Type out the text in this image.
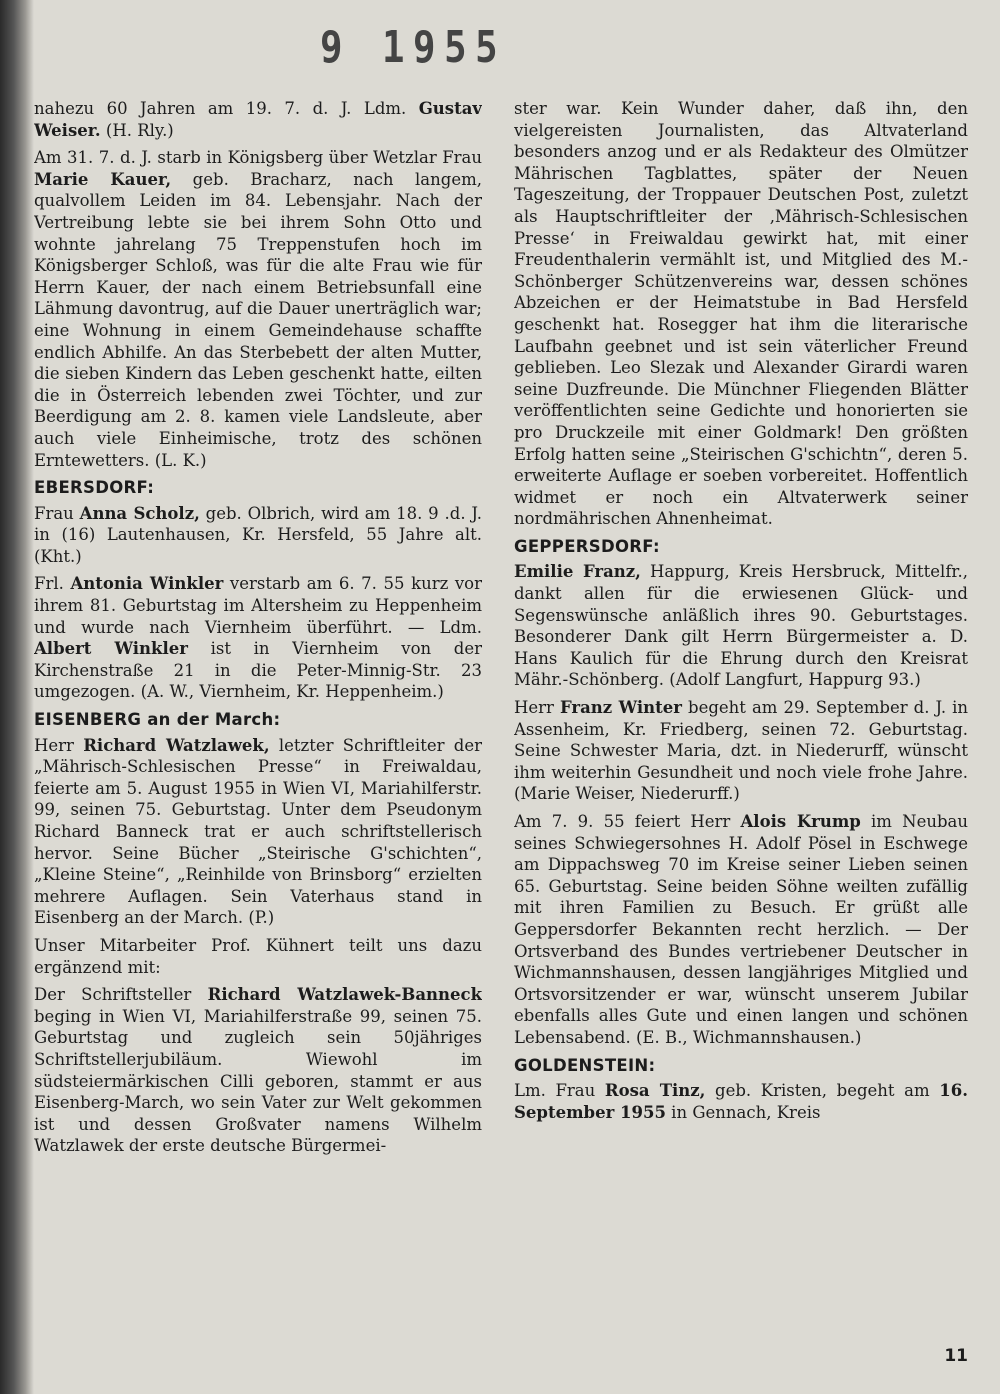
9 1955

nahezu 60 Jahren am 19. 7. d. J. Ldm. Gustav Weiser. (H. Rly.)

Am 31. 7. d. J. starb in Königsberg über Wetzlar Frau Marie Kauer, geb. Bracharz, nach langem, qualvollem Leiden im 84. Lebensjahr. Nach der Vertreibung lebte sie bei ihrem Sohn Otto und wohnte jahrelang 75 Treppenstufen hoch im Königsberger Schloß, was für die alte Frau wie für Herrn Kauer, der nach einem Betriebsunfall eine Lähmung davontrug, auf die Dauer unerträglich war; eine Wohnung in einem Gemeindehause schaffte endlich Abhilfe. An das Sterbebett der alten Mutter, die sieben Kindern das Leben geschenkt hatte, eilten die in Österreich lebenden zwei Töchter, und zur Beerdigung am 2. 8. kamen viele Landsleute, aber auch viele Einheimische, trotz des schönen Erntewetters. (L. K.)

EBERSDORF:

Frau Anna Scholz, geb. Olbrich, wird am 18. 9 .d. J. in (16) Lautenhausen, Kr. Hersfeld, 55 Jahre alt. (Kht.)

Frl. Antonia Winkler verstarb am 6. 7. 55 kurz vor ihrem 81. Geburtstag im Altersheim zu Heppenheim und wurde nach Viernheim überführt. — Ldm. Albert Winkler ist in Viernheim von der Kirchenstraße 21 in die Peter-Minnig-Str. 23 umgezogen. (A. W., Viernheim, Kr. Heppenheim.)

EISENBERG an der March:

Herr Richard Watzlawek, letzter Schriftleiter der „Mährisch-Schlesischen Presse“ in Freiwaldau, feierte am 5. August 1955 in Wien VI, Mariahilferstr. 99, seinen 75. Geburtstag. Unter dem Pseudonym Richard Banneck trat er auch schriftstellerisch hervor. Seine Bücher „Steirische G'schichten“, „Kleine Steine“, „Reinhilde von Brinsborg“ erzielten mehrere Auflagen. Sein Vaterhaus stand in Eisenberg an der March. (P.)

Unser Mitarbeiter Prof. Kühnert teilt uns dazu ergänzend mit:

Der Schriftsteller Richard Watzlawek-Banneck beging in Wien VI, Mariahilferstraße 99, seinen 75. Geburtstag und zugleich sein 50jähriges Schriftstellerjubiläum. Wiewohl im südsteiermärkischen Cilli geboren, stammt er aus Eisenberg-March, wo sein Vater zur Welt gekommen ist und dessen Großvater namens Wilhelm Watzlawek der erste deutsche Bürgermei-

ster war. Kein Wunder daher, daß ihn, den vielgereisten Journalisten, das Altvaterland besonders anzog und er als Redakteur des Olmützer Mährischen Tagblattes, später der Neuen Tageszeitung, der Troppauer Deutschen Post, zuletzt als Hauptschriftleiter der ‚Mährisch-Schlesischen Presse‘ in Freiwaldau gewirkt hat, mit einer Freudenthalerin vermählt ist, und Mitglied des M.-Schönberger Schützenvereins war, dessen schönes Abzeichen er der Heimatstube in Bad Hersfeld geschenkt hat. Rosegger hat ihm die literarische Laufbahn geebnet und ist sein väterlicher Freund geblieben. Leo Slezak und Alexander Girardi waren seine Duzfreunde. Die Münchner Fliegenden Blätter veröffentlichten seine Gedichte und honorierten sie pro Druckzeile mit einer Goldmark! Den größten Erfolg hatten seine „Steirischen G'schichtn“, deren 5. erweiterte Auflage er soeben vorbereitet. Hoffentlich widmet er noch ein Altvaterwerk seiner nordmährischen Ahnenheimat.

GEPPERSDORF:

Emilie Franz, Happurg, Kreis Hersbruck, Mittelfr., dankt allen für die erwiesenen Glück- und Segenswünsche anläßlich ihres 90. Geburtstages. Besonderer Dank gilt Herrn Bürgermeister a. D. Hans Kaulich für die Ehrung durch den Kreisrat Mähr.-Schönberg. (Adolf Langfurt, Happurg 93.)

Herr Franz Winter begeht am 29. September d. J. in Assenheim, Kr. Friedberg, seinen 72. Geburtstag. Seine Schwester Maria, dzt. in Niederurff, wünscht ihm weiterhin Gesundheit und noch viele frohe Jahre. (Marie Weiser, Niederurff.)

Am 7. 9. 55 feiert Herr Alois Krump im Neubau seines Schwiegersohnes H. Adolf Pösel in Eschwege am Dippachsweg 70 im Kreise seiner Lieben seinen 65. Geburtstag. Seine beiden Söhne weilten zufällig mit ihren Familien zu Besuch. Er grüßt alle Geppersdorfer Bekannten recht herzlich. — Der Ortsverband des Bundes vertriebener Deutscher in Wichmannshausen, dessen langjähriges Mitglied und Ortsvorsitzender er war, wünscht unserem Jubilar ebenfalls alles Gute und einen langen und schönen Lebensabend. (E. B., Wichmannshausen.)

GOLDENSTEIN:

Lm. Frau Rosa Tinz, geb. Kristen, begeht am 16. September 1955 in Gennach, Kreis

11
